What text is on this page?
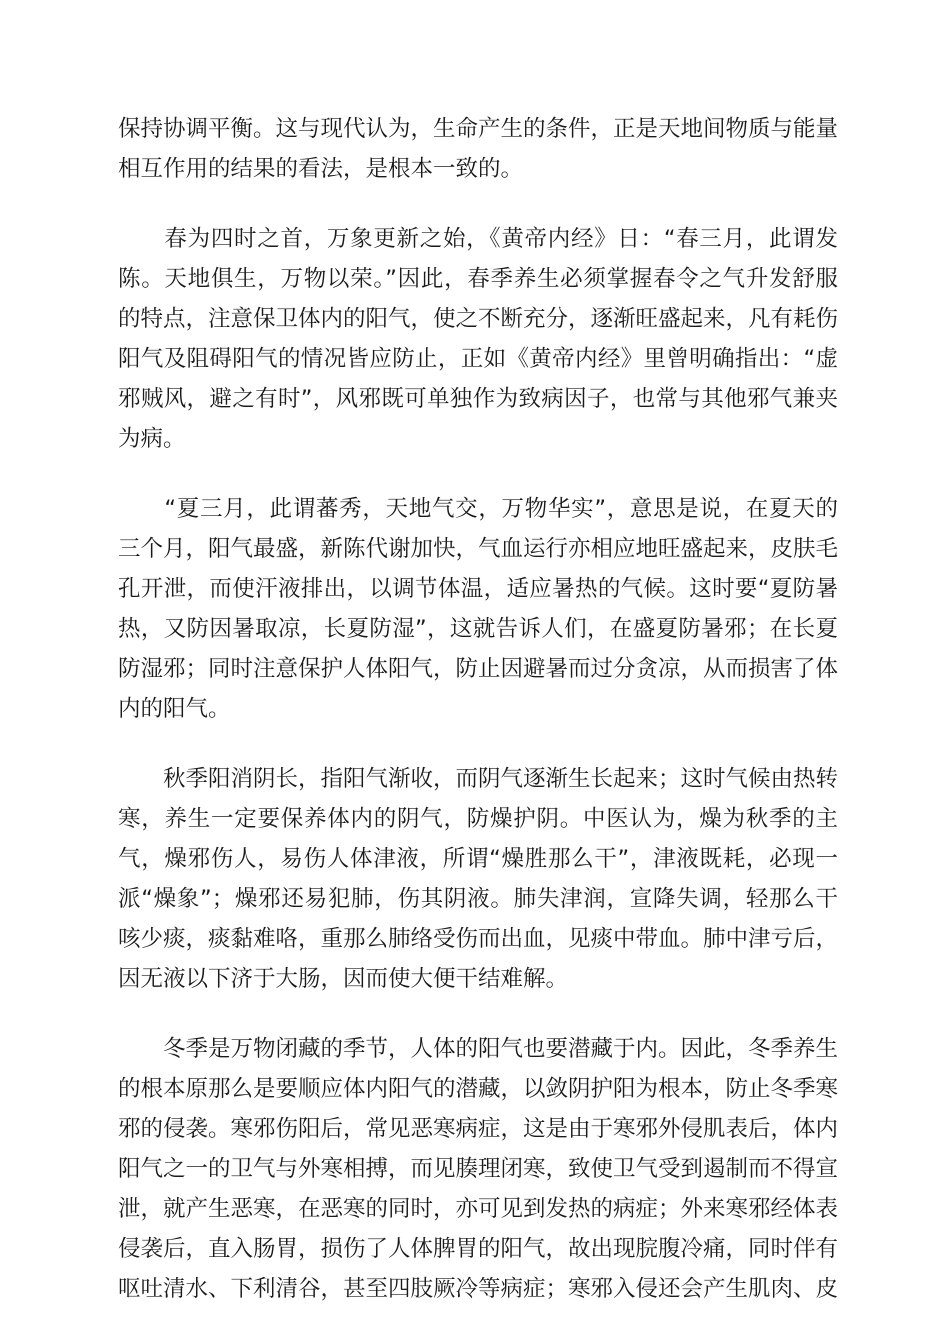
保持协调平衡。这与现代认为，生命产生的条件，正是天地间物质与能量
相互作用的结果的看法，是根本一致的。
　　春为四时之首，万象更新之始，《黄帝内经》日：“春三月，此谓发
陈。天地俱生，万物以荣。”因此，春季养生必须掌握春令之气升发舒服
的特点，注意保卫体内的阳气，使之不断充分，逐渐旺盛起来，凡有耗伤
阳气及阻碍阳气的情况皆应防止，正如《黄帝内经》里曾明确指出：“虚
邪贼风，避之有时”，风邪既可单独作为致病因子，也常与其他邪气兼夹
为病。
　　“夏三月，此谓蕃秀，天地气交，万物华实”，意思是说，在夏天的
三个月，阳气最盛，新陈代谢加快，气血运行亦相应地旺盛起来，皮肤毛
孔开泄，而使汗液排出，以调节体温，适应暑热的气候。这时要“夏防暑
热，又防因暑取凉，长夏防湿”，这就告诉人们，在盛夏防暑邪；在长夏
防湿邪；同时注意保护人体阳气，防止因避暑而过分贪凉，从而损害了体
内的阳气。
　　秋季阳消阴长，指阳气渐收，而阴气逐渐生长起来；这时气候由热转
寒，养生一定要保养体内的阴气，防燥护阴。中医认为，燥为秋季的主
气，燥邪伤人，易伤人体津液，所谓“燥胜那么干”，津液既耗，必现一
派“燥象”；燥邪还易犯肺，伤其阴液。肺失津润，宣降失调，轻那么干
咳少痰，痰黏难咯，重那么肺络受伤而出血，见痰中带血。肺中津亏后，
因无液以下济于大肠，因而使大便干结难解。
　　冬季是万物闭藏的季节，人体的阳气也要潜藏于内。因此，冬季养生
的根本原那么是要顺应体内阳气的潜藏，以敛阴护阳为根本，防止冬季寒
邪的侵袭。寒邪伤阳后，常见恶寒病症，这是由于寒邪外侵肌表后，体内
阳气之一的卫气与外寒相搏，而见腠理闭寒，致使卫气受到遏制而不得宣
泄，就产生恶寒，在恶寒的同时，亦可见到发热的病症；外来寒邪经体表
侵袭后，直入肠胃，损伤了人体脾胃的阳气，故出现脘腹冷痛，同时伴有
呕吐清水、下利清谷，甚至四肢厥冷等病症；寒邪入侵还会产生肌肉、皮
